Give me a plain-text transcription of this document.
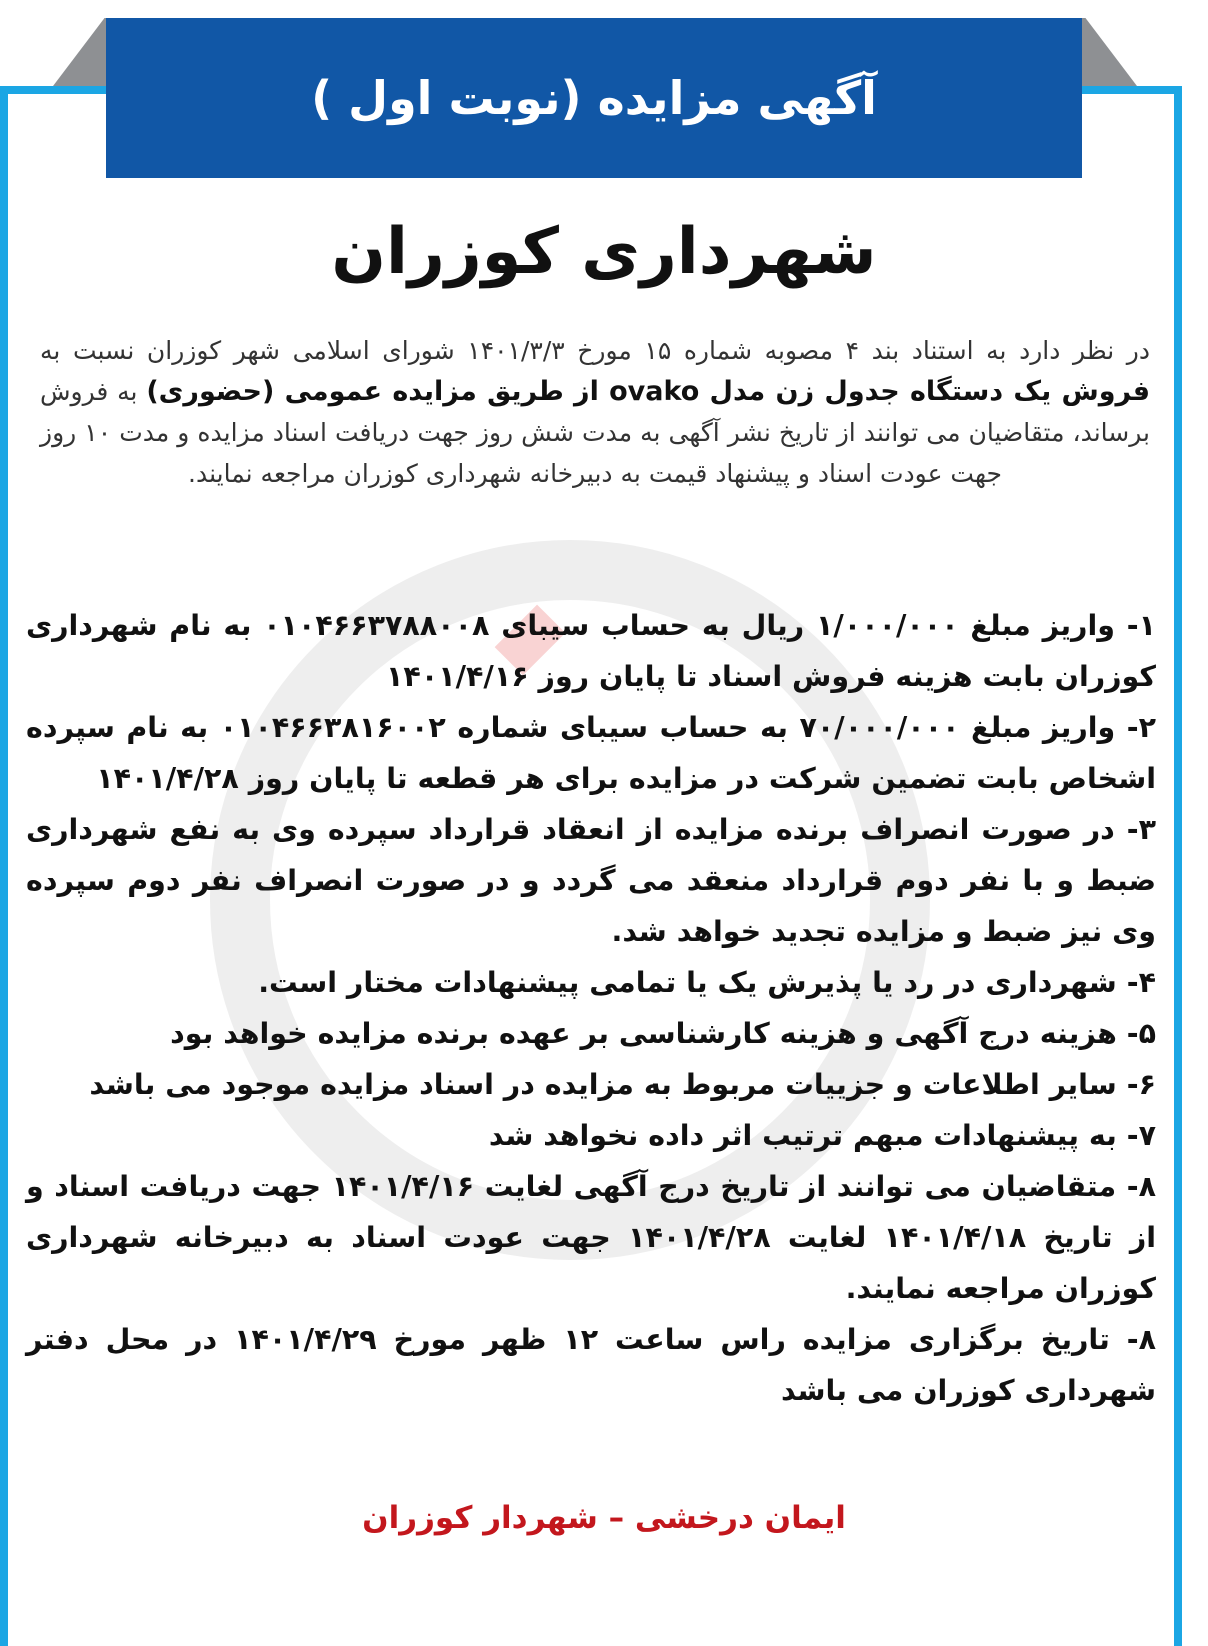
آگهی مزایده (نوبت اول )
شهرداری کوزران
در نظر دارد به استناد بند ۴ مصوبه شماره ۱۵ مورخ ۱۴۰۱/۳/۳ شورای اسلامی شهر کوزران نسبت به فروش یک دستگاه جدول زن مدل ovako از طریق مزایده عمومی (حضوری) به فروش برساند، متقاضیان می توانند از تاریخ نشر آگهی به مدت شش روز جهت دریافت اسناد مزایده و مدت ۱۰ روز جهت عودت اسناد و پیشنهاد قیمت به دبیرخانه شهرداری کوزران مراجعه نمایند.

۱- واریز مبلغ ۱/۰۰۰/۰۰۰ ریال به حساب سیبای ۰۱۰۴۶۶۳۷۸۸۰۰۸ به نام شهرداری کوزران بابت هزینه فروش اسناد تا پایان روز ۱۴۰۱/۴/۱۶

۲- واریز مبلغ ۷۰/۰۰۰/۰۰۰ به حساب سیبای شماره ۰۱۰۴۶۶۳۸۱۶۰۰۲ به نام سپرده اشخاص بابت تضمین شرکت در مزایده برای هر قطعه تا پایان روز ۱۴۰۱/۴/۲۸

۳- در صورت انصراف برنده مزایده از انعقاد قرارداد سپرده وی به نفع شهرداری ضبط و با نفر دوم قرارداد منعقد می گردد و در صورت انصراف نفر دوم سپرده وی نیز ضبط و مزایده تجدید خواهد شد.

۴- شهرداری در رد یا پذیرش یک یا تمامی پیشنهادات مختار است.

۵- هزینه درج آگهی و هزینه کارشناسی بر عهده برنده مزایده خواهد بود

۶- سایر اطلاعات و جزییات مربوط به مزایده در اسناد مزایده موجود می باشد

۷- به پیشنهادات مبهم ترتیب اثر داده نخواهد شد

۸- متقاضیان می توانند از تاریخ درج آگهی لغایت ۱۴۰۱/۴/۱۶ جهت دریافت اسناد و از تاریخ ۱۴۰۱/۴/۱۸ لغایت ۱۴۰۱/۴/۲۸ جهت عودت اسناد به دبیرخانه شهرداری کوزران مراجعه نمایند.

۸- تاریخ برگزاری مزایده راس ساعت ۱۲ ظهر مورخ ۱۴۰۱/۴/۲۹ در محل دفتر شهرداری کوزران می باشد

ایمان درخشی – شهردار کوزران
